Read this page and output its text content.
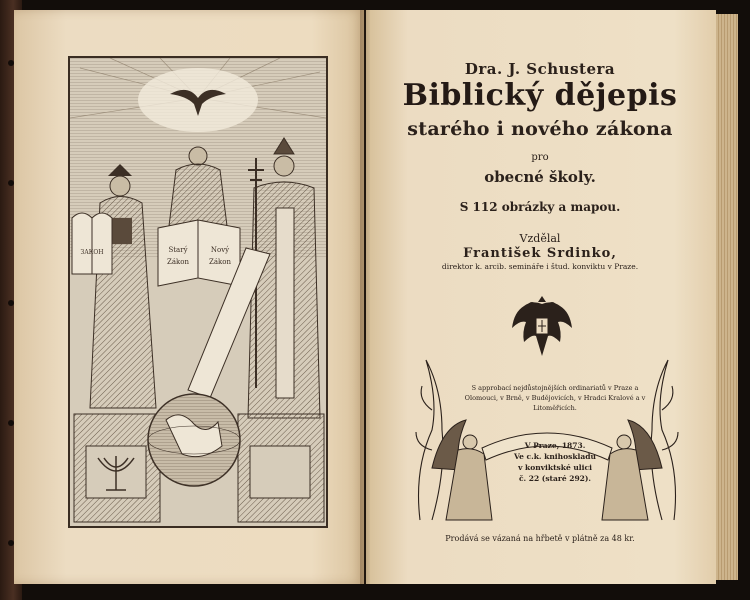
ЗАКОН	Starý
Zákon
Nový
Zákon
Dra. J. Schustera
Biblický dějepis
starého i nového zákona
pro
obecné školy.
S 112 obrázky a mapou.
Vzdělal
František Srdinko,
direktor k. arcib. semináře i štud. konviktu v Praze.
S approbací nejdůstojnějších ordinariatů v Praze a Olomouci, v Brně, v Budějovicích, v Hradci Kralové a v Litoměřicích.
V Praze, 1873.
Ve c.k. knihoskladu
v konviktské ulici
č. 22 (staré 292).
Prodává se vázaná na hřbetě v plátně za 48 kr.
